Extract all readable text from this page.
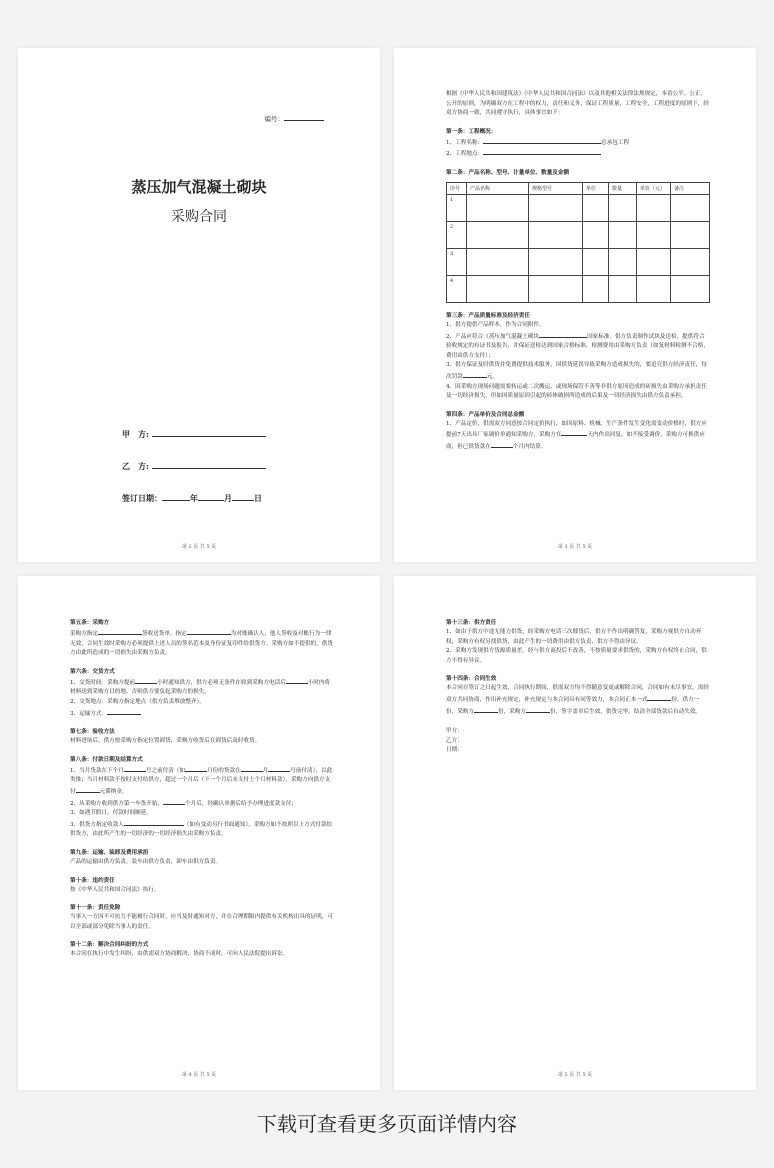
编号：
蒸压加气混凝土砌块
采购合同
甲　方:
乙　方:
签订日期：	年	月	日
第 2 页 共 5 页

根据《中华人民共和国建筑法》《中华人民共和国合同法》以及其他相关法律法规规定，本着公平、公正、公开的原则，为明确双方在工程中的权力，责任和义务，保证工程质量，工程安全，工程进度的原则下，经双方协商一致，共同遵守执行，具体事宜如下：

第一条：工程概况：

1、工程名称：	总承包工程

2、工程地点：

第二条：产品名称、型号、计量单位、数量及金额

序号	产品名称	规格型号	单位	数量	单价（元）	备注
1						
2						
3						
4						

第三条：产品质量标准及经济责任

1、供方提供产品样本，作为合同附件。

2、产品应符合《蒸压加气混凝土砌块	国家标准。供方负责制作试块及送检，提供符合验收规定的有证书及报告，并保证送检达到国家合格标准，检测费用由采购方负责（如复材料检测不合格，费用由供方支付）；

3、供方保证及时供货并免费提供技术服务，因供货延误导致采购方造成损失的，要追究供方经济责任，每次罚款	元。

4、因采购方现场问题需要转运或二次搬运、或现场保管不善等非供方原因造成的砖损失由采购方承担责任及一切经济损失，但如因质量原因引起的砖体破损所造成的后果及一切经济损失由供方负责承担。

第四条：产品单价及合同总金额

1、产品定价，供需双方同意按合同定价执行，如因原料、机械、生产条件发生变化需变动价格时，供方应提前7天出具厂家调价单通知采购方，采购方在	天内作出回复，如不接受调价，采购方可换供应商，但已供货款在	个月内结算。

第 3 页 共 5 页

第五条：采购方

采购方指定	签收送货单，指定	为对账确认人，他人签收及对账行为一律无效，合同生效时采购方必须提供上述人员的签名范本及身份证复印件给供货方。采购方如不提供的，供货方由此所造成的一切损失由采购方负责。

第六条：交货方式

1、交货时间：采购方提前	小时通知供方，供方必须无条件在收到采购方电话后	小时内将材料送到采购方目的地，否则供方要负起采购方的损失。

2、交货地点：采购方指定地点（供方负责堆放整齐）。

3、运输方式：

第七条：验收方法

材料进场后，供方按采购方指定位置卸货，采购方收货后在卸货后及时收货。

第八条：付款日期及结算方式

1、当月货款在下个月	号之前付清（如	月份的货款在	月	号前付清），以此类推；当月材料款不按时支付给供方，超过一个月后（下一个月后末支付上个月材料款），采购方向供方支付	元滞纳金。

2、从采购方收到供方第一车货开始，	个月后，经确认单据后给予办理进度款支付；

3、如遇节假日，付款时间顺延。

3、供货方指定收款人	（如有变动另行书面通知），采购方如不按照以上方式付款给供货方，由此所产生的一切经济的一切经济损失由采购方负责。

第九条：运输、装卸及费用承担

产品的运输由供方负责，装车由供方负责，卸车由供方负责。

第十条：违约责任

按《中华人民共和国合同法》执行。

第十一条：责任免除

当事人一方因不可抗力不能履行合同时，应当及时通知对方，并在合理期限内提供有关机构出具的证明，可以全部或部分免除当事人的责任。

第十二条：解决合同纠纷的方式

本合同在执行中发生纠纷，由供需双方协商解决，协商不成时，可向人民法院提出诉讼。

第 4 页 共 5 页

第十三条：供方责任

1、如由于供方中途无能力供货，经采购方电话三次催货后，供方不作出明确答复，采购方视供方自动弃权，采购方有权另找供货，由此产生的一切费用由供方负责，供方不得由异议。

2、采购方发现供方货源质量差，经与供方商投后不改善，不按质量要求供货的，采购方有权终止合同，供方不得有异议。

第十四条：合同生效

本合同自签订之日起生效，合同执行期间，供需双方均不得随意变更或解除合同，合同如有未尽事宜，需经双方共同协商，作出补充规定，补充规定与本合同具有同等效力，本合同正本一式	份，供方一份，采购方	份，采购方	份，签字盖章后生效，供货完毕，结清全部货款后自动失效。

甲方：

乙方：

日期：

第 5 页 共 5 页
下载可查看更多页面详情内容
